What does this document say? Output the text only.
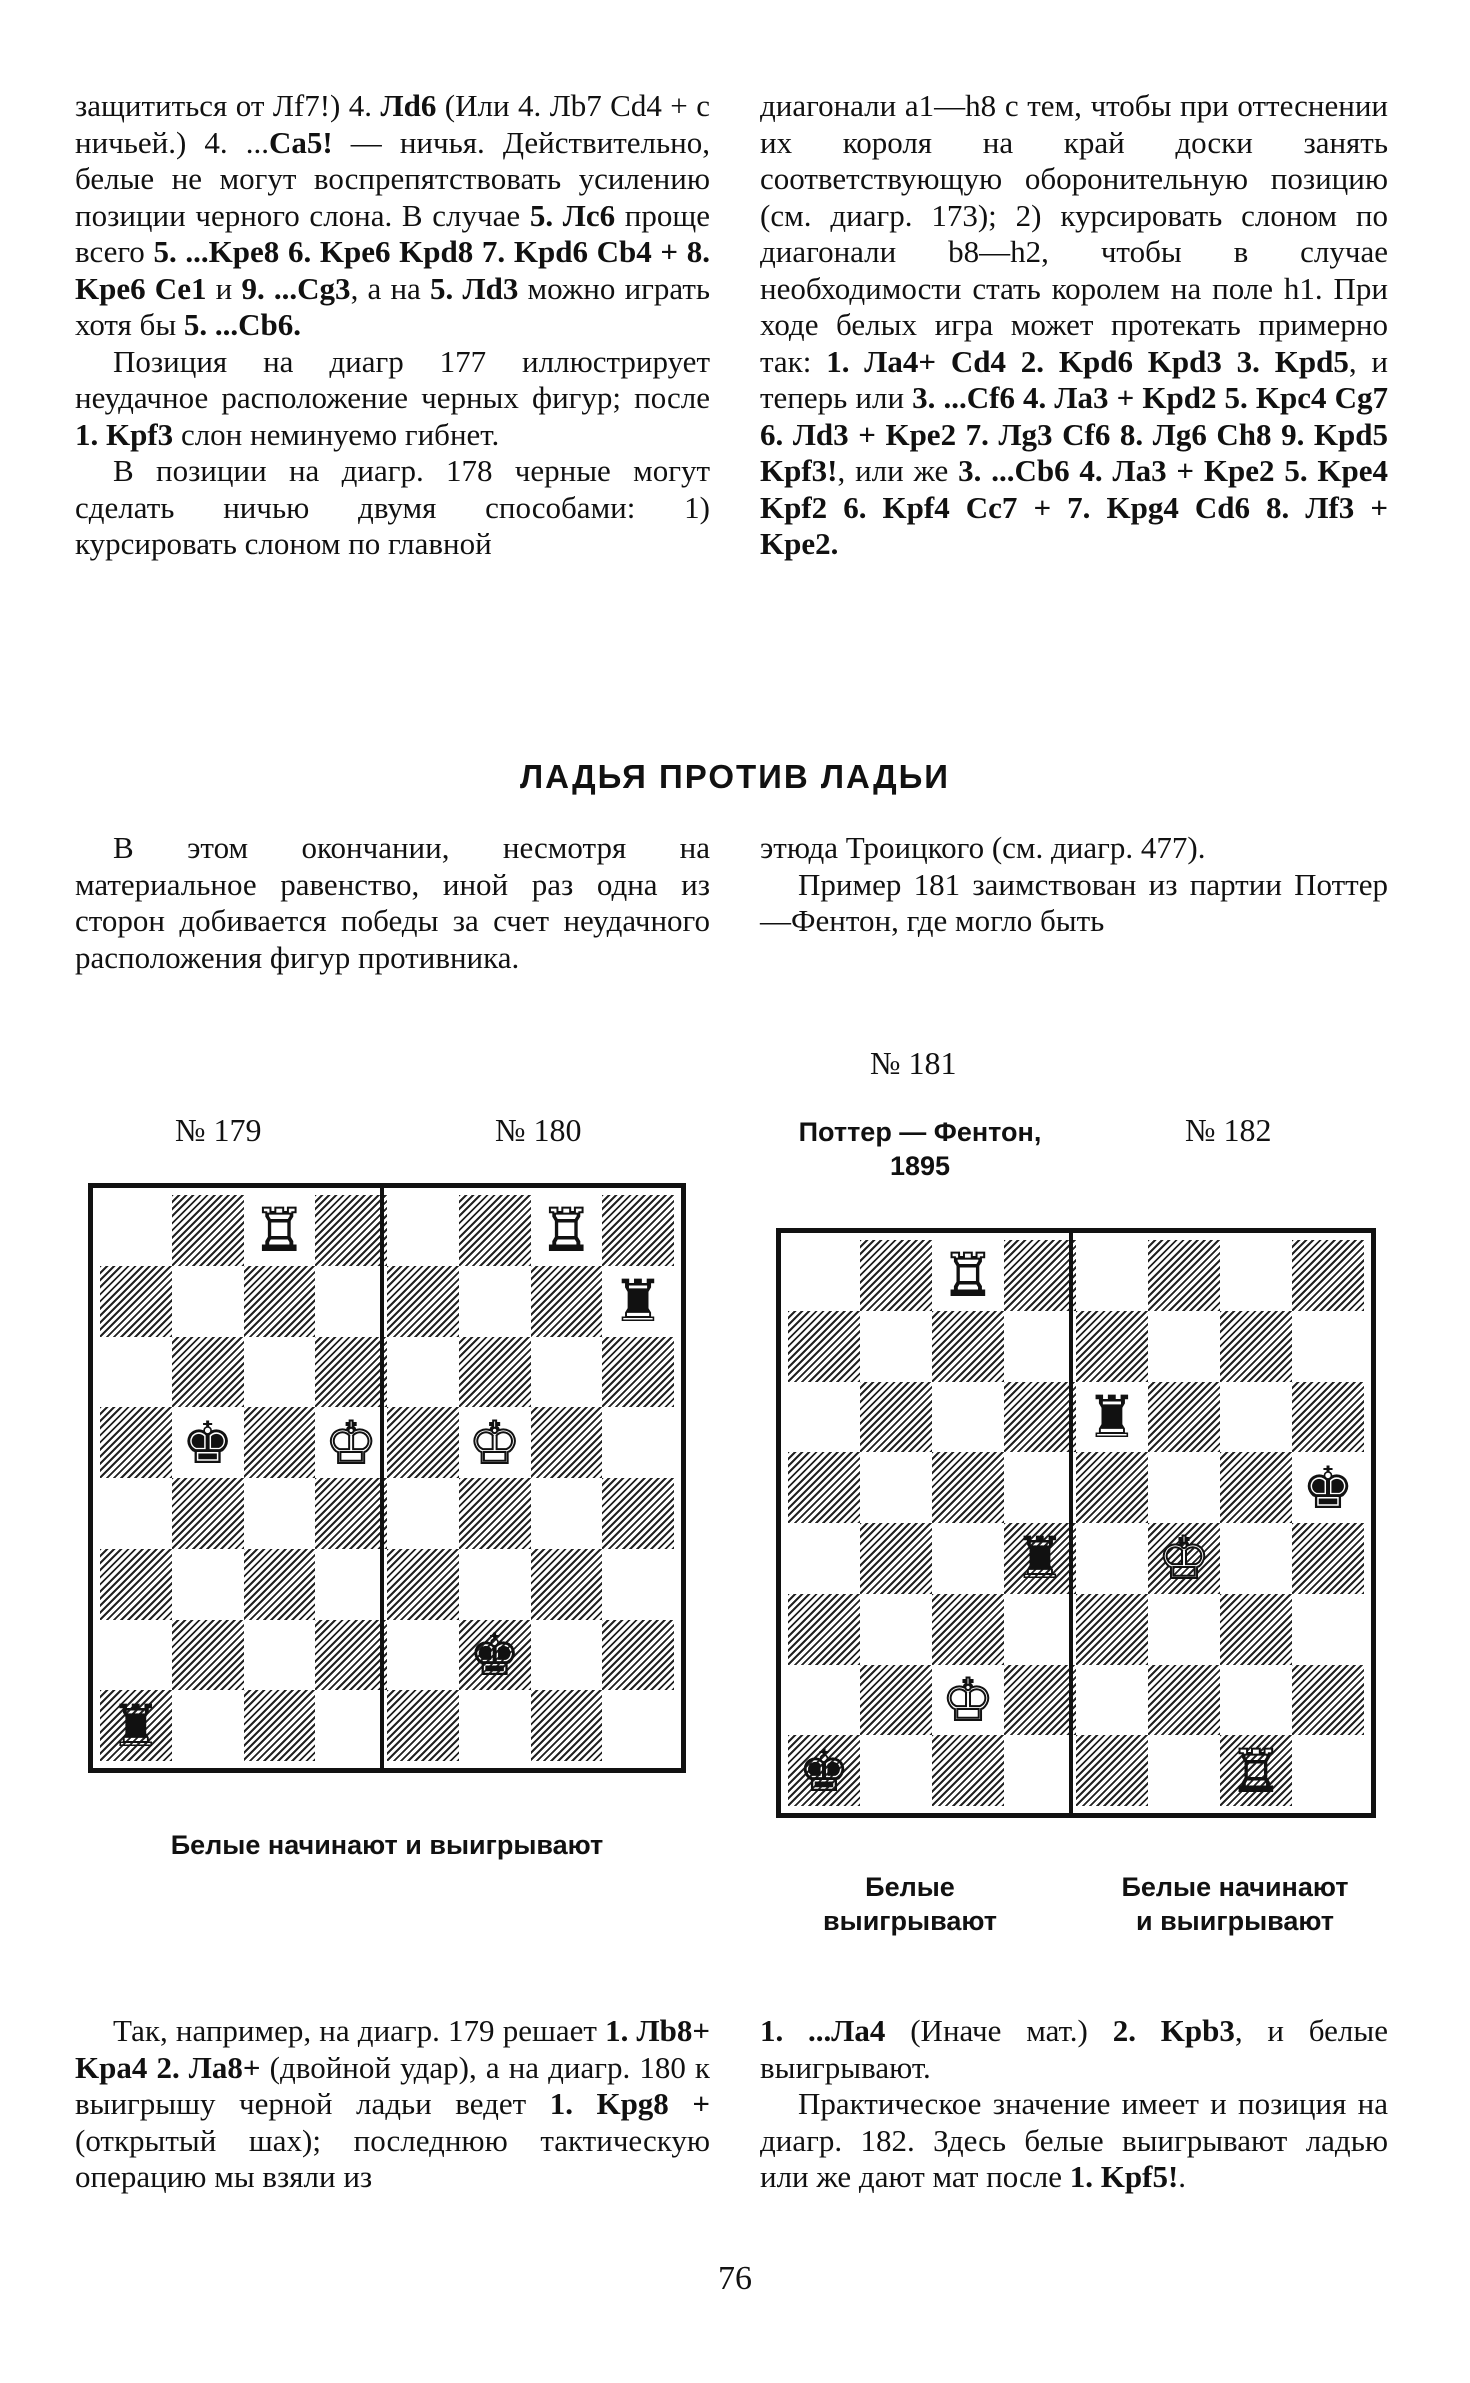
защититься от Лf7!) 4. Лd6 (Или 4. Лb7 Cd4 + с ничьей.) 4. ...Ca5! — ничья. Действительно, белые не могут воспрепятствовать усилению позиции черного слона. В случае 5. Лс6 проще всего 5. ...Kpe8 6. Kpe6 Kpd8 7. Kpd6 Cb4 + 8. Kpe6 Ce1 и 9. ...Cg3, а на 5. Лd3 можно играть хотя бы 5. ...Cb6.

Позиция на диагр 177 иллюстрирует неудачное расположение черных фигур; после 1. Kpf3 слон неминуемо гибнет.

В позиции на диагр. 178 черные могут сделать ничью двумя способами: 1) курсировать слоном по главной

диагонали a1—h8 с тем, чтобы при оттеснении их короля на край доски занять соответствующую оборонительную позицию (см. диагр. 173); 2) курсировать слоном по диагонали b8—h2, чтобы в случае необходимости стать королем на поле h1. При ходе белых игра может протекать примерно так: 1. Ла4+ Cd4 2. Kpd6 Kpd3 3. Kpd5, и теперь или 3. ...Cf6 4. Ла3 + Kpd2 5. Kpc4 Cg7 6. Лd3 + Kpe2 7. Лg3 Cf6 8. Лg6 Ch8 9. Kpd5 Kpf3!, или же 3. ...Cb6 4. Ла3 + Kpe2 5. Kpe4 Kpf2 6. Kpf4 Cc7 + 7. Kpg4 Cd6 8. Лf3 + Kpe2.

ЛАДЬЯ ПРОТИВ ЛАДЬИ

В этом окончании, несмотря на материальное равенство, иной раз одна из сторон добивается победы за счет неудачного расположения фигур противника.

этюда Троицкого (см. диагр. 477).

Пример 181 заимствован из партии Поттер—Фентон, где могло быть

№ 179	№ 180
№ 181
Поттер — Фентон,
1895
№ 182
♖	♖
♜
♚ ♔ ♔
♚
♜
♖
♜
♚
♜ ♔
♔
♚	♖
Белые начинают и выигрывают
Белые
выигрывают
Белые начинают
и выигрывают

Так, например, на диагр. 179 решает 1. Лb8+ Kpa4 2. Ла8+ (двойной удар), а на диагр. 180 к выигрышу черной ладьи ведет 1. Kpg8 + (открытый шах); последнюю тактическую операцию мы взяли из

1. ...Ла4 (Иначе мат.) 2. Kpb3, и белые выигрывают.

Практическое значение имеет и позиция на диагр. 182. Здесь белые выигрывают ладью или же дают мат после 1. Kpf5!.

76
